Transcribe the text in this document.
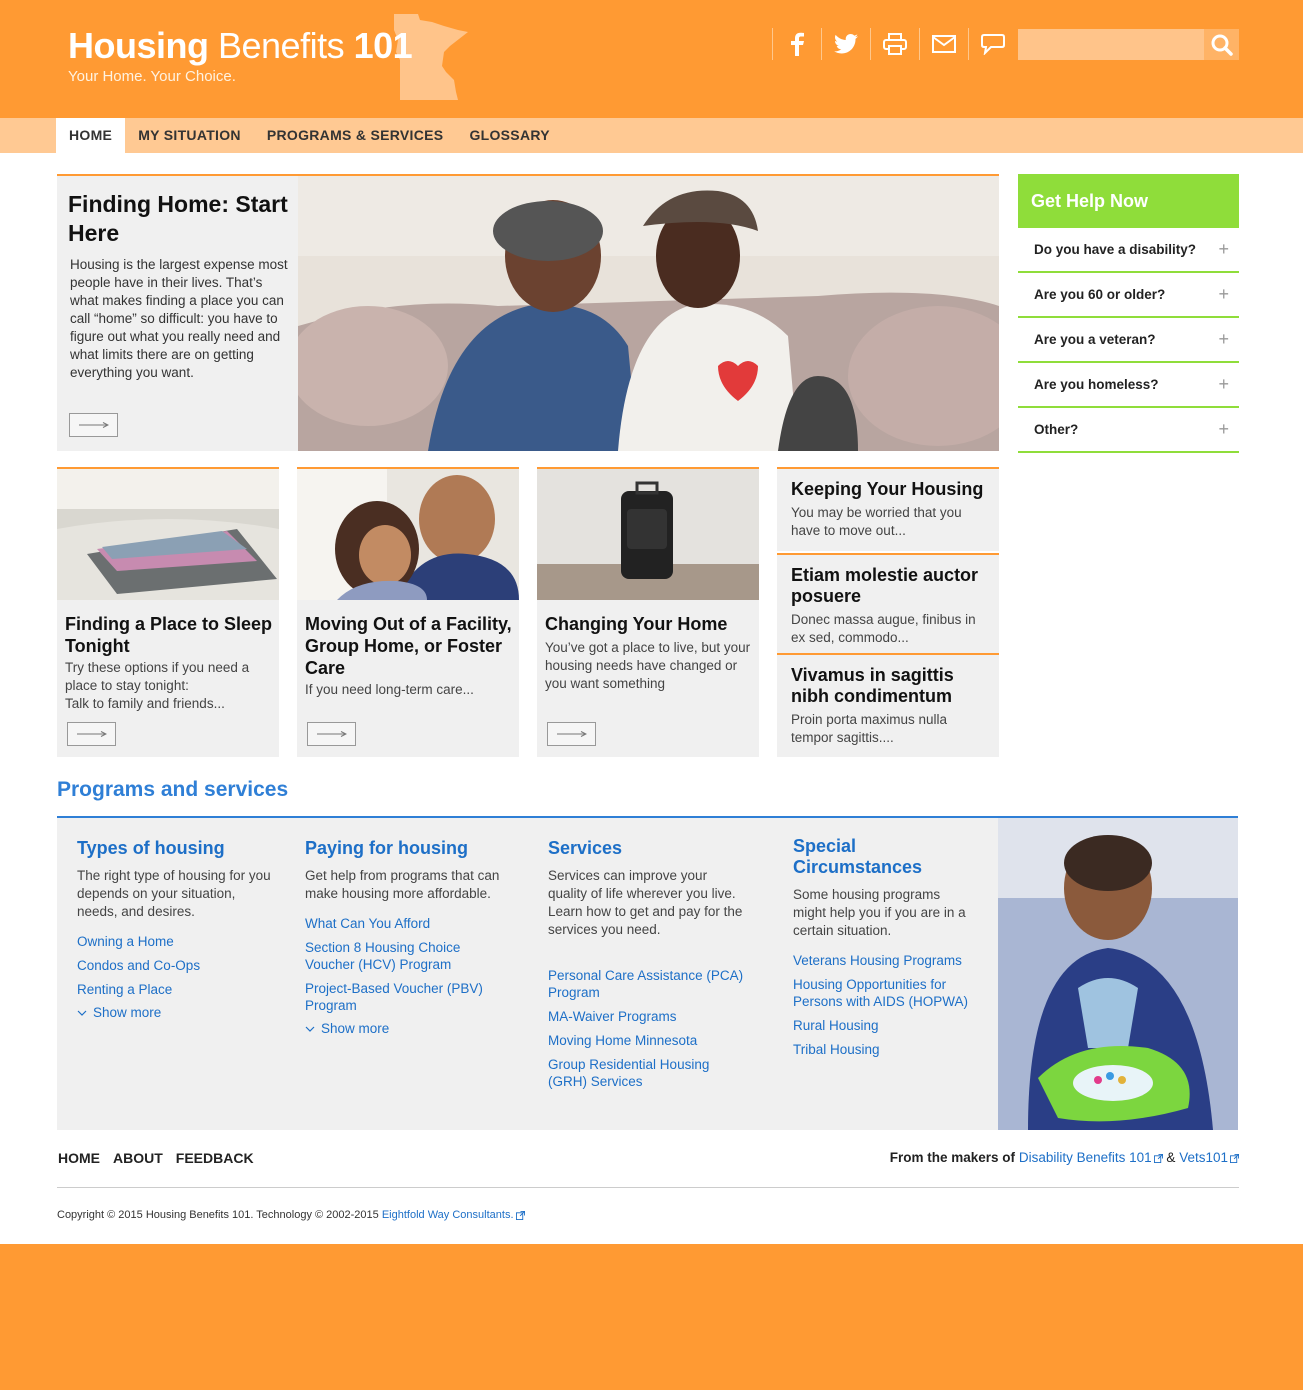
Housing Benefits 101
Your Home. Your Choice.
HOME	MY SITUATION	PROGRAMS & SERVICES	GLOSSARY
Finding Home: Start Here

Housing is the largest expense most people have in their lives. That’s what makes finding a place you can call “home” so difficult: you have to figure out what you really need and what limits there are on getting everything you want.

Finding a Place to Sleep Tonight

Try these options if you need a place to stay tonight:

Talk to family and friends...

Moving Out of a Facility, Group Home, or Foster Care

If you need long-term care...

Changing Your Home

You’ve got a place to live, but your housing needs have changed or you want something

Keeping Your Housing

You may be worried that you have to move out...

Etiam molestie auctor posuere

Donec massa augue, finibus in ex sed, commodo...

Vivamus in sagittis nibh condimentum

Proin porta maximus nulla tempor sagittis....

Get Help Now
Do you have a disability? +
Are you 60 or older?	+
Are you a veteran?	+
Are you homeless?	+
Other?	+
Programs and services
Types of housing
The right type of housing for you depends on your situation, needs, and desires.
Owning a Home
Condos and Co-Ops
Renting a Place
Show more
Paying for housing
Get help from programs that can make housing more affordable.
What Can You Afford
Section 8 Housing Choice Voucher (HCV) Program
Project-Based Voucher (PBV) Program
Show more
Services
Services can improve your quality of life wherever you live. Learn how to get and pay for the services you need.
Personal Care Assistance (PCA) Program
MA-Waiver Programs
Moving Home Minnesota
Group Residential Housing (GRH) Services
Special Circumstances
Some housing programs might help you if you are in a certain situation.
Veterans Housing Programs
Housing Opportunities for Persons with AIDS (HOPWA)
Rural Housing
Tribal Housing
HOME ABOUT FEEDBACK	From the makers of Disability Benefits 101 & Vets101
Copyright © 2015 Housing Benefits 101. Technology © 2002-2015 Eightfold Way Consultants.
